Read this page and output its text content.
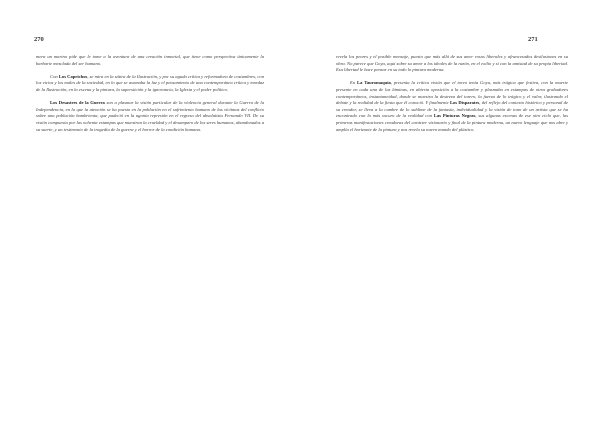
270

mera un marino pide que le tome a la aventura de una creación inmortal, que tiene como perspectiva únicamente la barbarie mezclada del ser humano.

Con Los Caprichos, se mira en la sátira de la Ilustración, y por su aguda crítica y reformadora de costumbres, con los vicios y los males de la sociedad, en lo que se asomaba la luz y el pensamiento de una contemporánea crítica y mordaz de la Ilustración, en la escena y la pintura, la superstición y la ignorancia, la Iglesia y el poder político.

Los Desastres de la Guerra son a plasmar la visión particular de la violencia general durante la Guerra de la Independencia, en la que la atención se ha puesto en la población en el sufrimiento humano de las víctimas del conflicto sobre una población hambrienta, que padeció en la agonía represión en el regreso del absolutista Fernando VII. De su visión compuesta por las ochenta estampas que muestran la crueldad y el desamparo de los seres humanos, abandonados a su suerte, y un testimonio de la tragedia de la guerra y el horror de la condición humana.

271

revela los peores y el posible mensaje, puesto que más allá de sus amo- rosos liberales y afrancesados desilusiones en su obra. No parece que Goya, aquí sobre su amor a los ideales de la razón, en el exilio y sí con la amistad de su propia libertad. Esa libertad le hace pensar en su todo lo pintura moderna.

En La Tauromaquia, presenta la crítica visión que el toreo tenía Goya, más trágica que festiva, con la muerte presente en cada una de las láminas, en abierta oposición a la costumbre y plasmaba en estampas de otros grabadores contemporáneos, instantaneidad, donde se muestra la destreza del torero, la fuerza de lo trágico y el valor, ilustrando el debate y la realidad de la fiesta que él conoció. Y finalmente Los Disparates, del reflejo del contexto histórico y personal de su creador, se lleva a la cumbre de lo sublime de la fantasía, individualidad y la visión de tono de un artista que se ha encontrado con lo más oscuro de la realidad con Las Pinturas Negras, sus algunas escenas de ese otro ciclo que, las primeras manifestaciones creadoras del carácter visionario y final de la pintura moderna, un nuevo lenguaje que nos abre y amplía el horizonte de la pintura y nos revela su nuevo mundo del plástico.
